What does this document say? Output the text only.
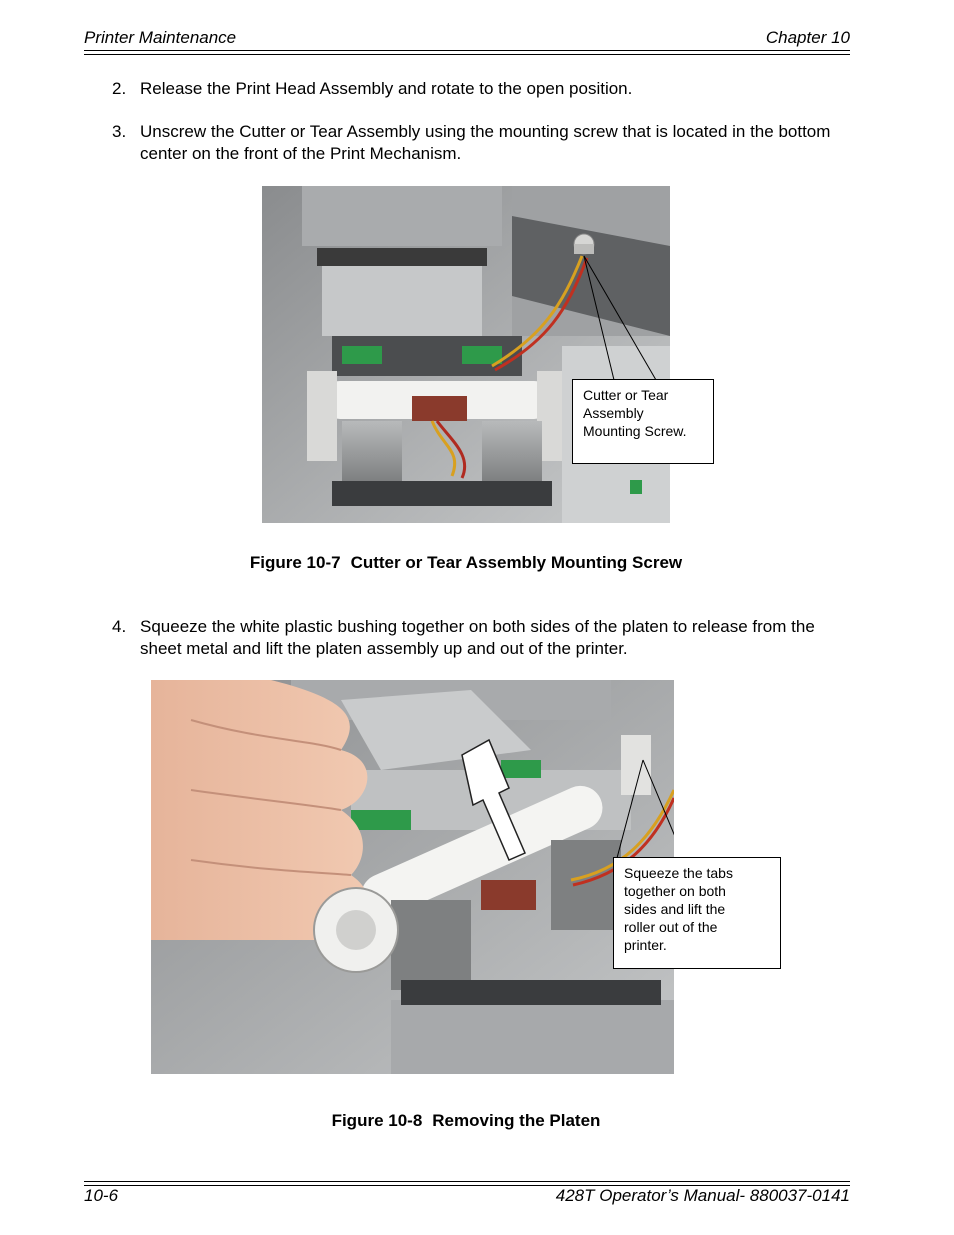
Printer Maintenance	Chapter 10
2. Release the Print Head Assembly and rotate to the open position.
3. Unscrew the Cutter or Tear Assembly using the mounting screw that is located in the bottom center on the front of the Print Mechanism.
Cutter or Tear
Assembly
Mounting Screw.
Figure 10-7 Cutter or Tear Assembly Mounting Screw
4. Squeeze the white plastic bushing together on both sides of the platen to release from the sheet metal and lift the platen assembly up and out of the printer.
Squeeze the tabs
together on both
sides and lift the
roller out of the
printer.
Figure 10-8 Removing the Platen
10-6	428T Operator’s Manual- 880037-0141
